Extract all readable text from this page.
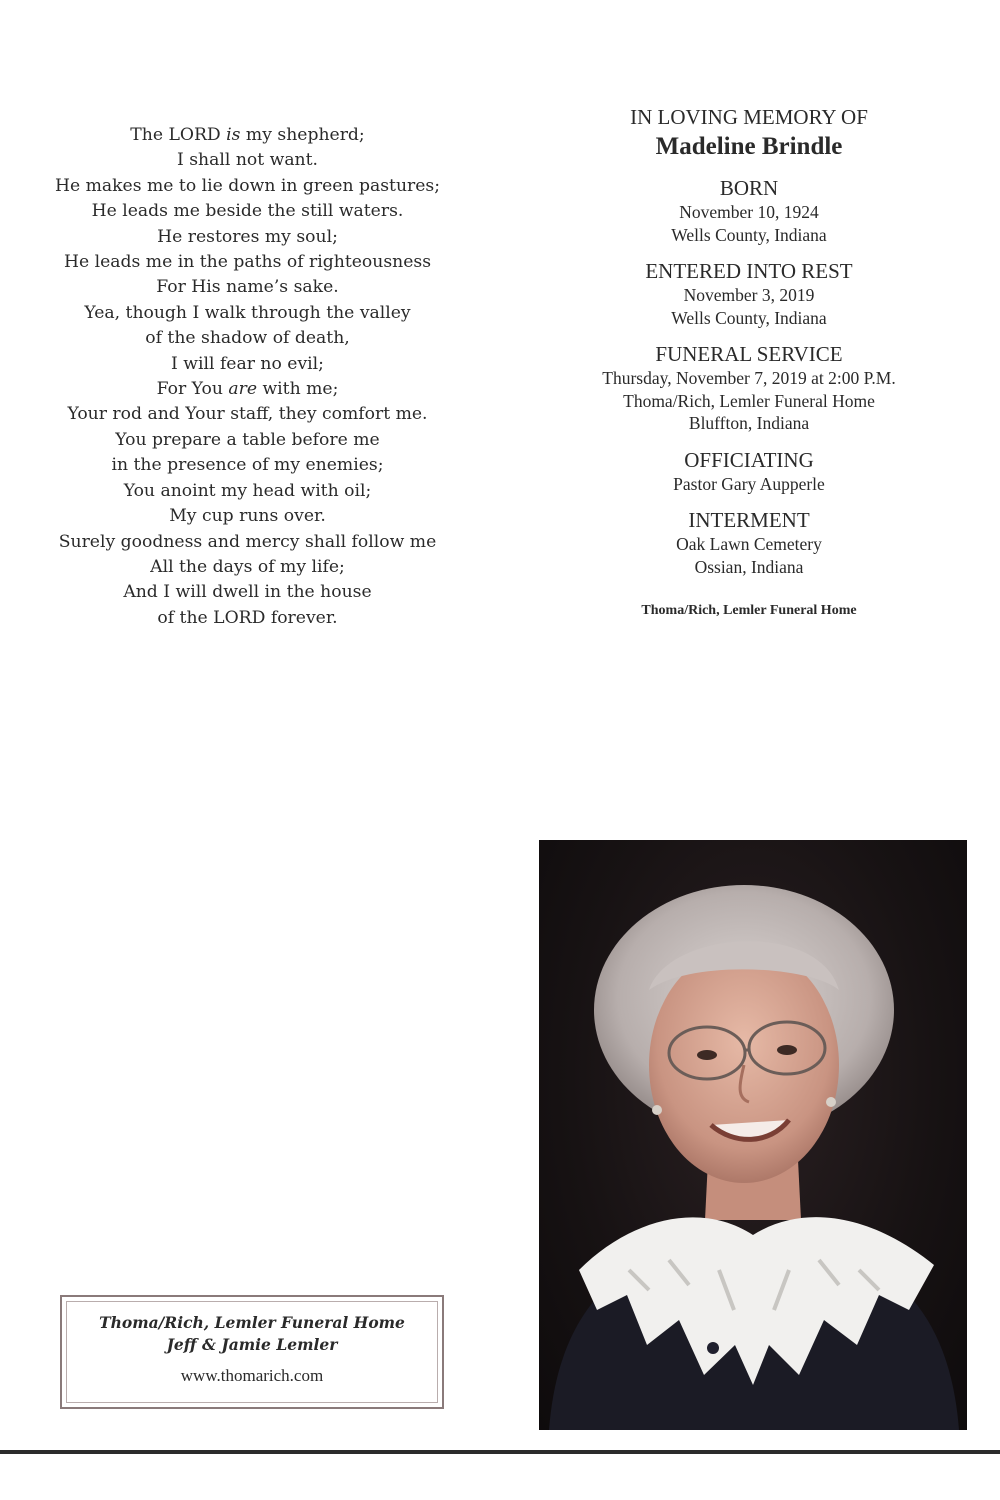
The LORD is my shepherd;
I shall not want.
He makes me to lie down in green pastures;
He leads me beside the still waters.
He restores my soul;
He leads me in the paths of righteousness
For His name’s sake.
Yea, though I walk through the valley
of the shadow of death,
I will fear no evil;
For You are with me;
Your rod and Your staff, they comfort me.
You prepare a table before me
in the presence of my enemies;
You anoint my head with oil;
My cup runs over.
Surely goodness and mercy shall follow me
All the days of my life;
And I will dwell in the house
of the LORD forever.
IN LOVING MEMORY OF
Madeline Brindle
BORN
November 10, 1924
Wells County, Indiana
ENTERED INTO REST
November 3, 2019
Wells County, Indiana
FUNERAL SERVICE
Thursday, November 7, 2019 at 2:00 P.M.
Thoma/Rich, Lemler Funeral Home
Bluffton, Indiana
OFFICIATING
Pastor Gary Aupperle
INTERMENT
Oak Lawn Cemetery
Ossian, Indiana
Thoma/Rich, Lemler Funeral Home
Thoma/Rich, Lemler Funeral Home
Jeff & Jamie Lemler
www.thomarich.com
